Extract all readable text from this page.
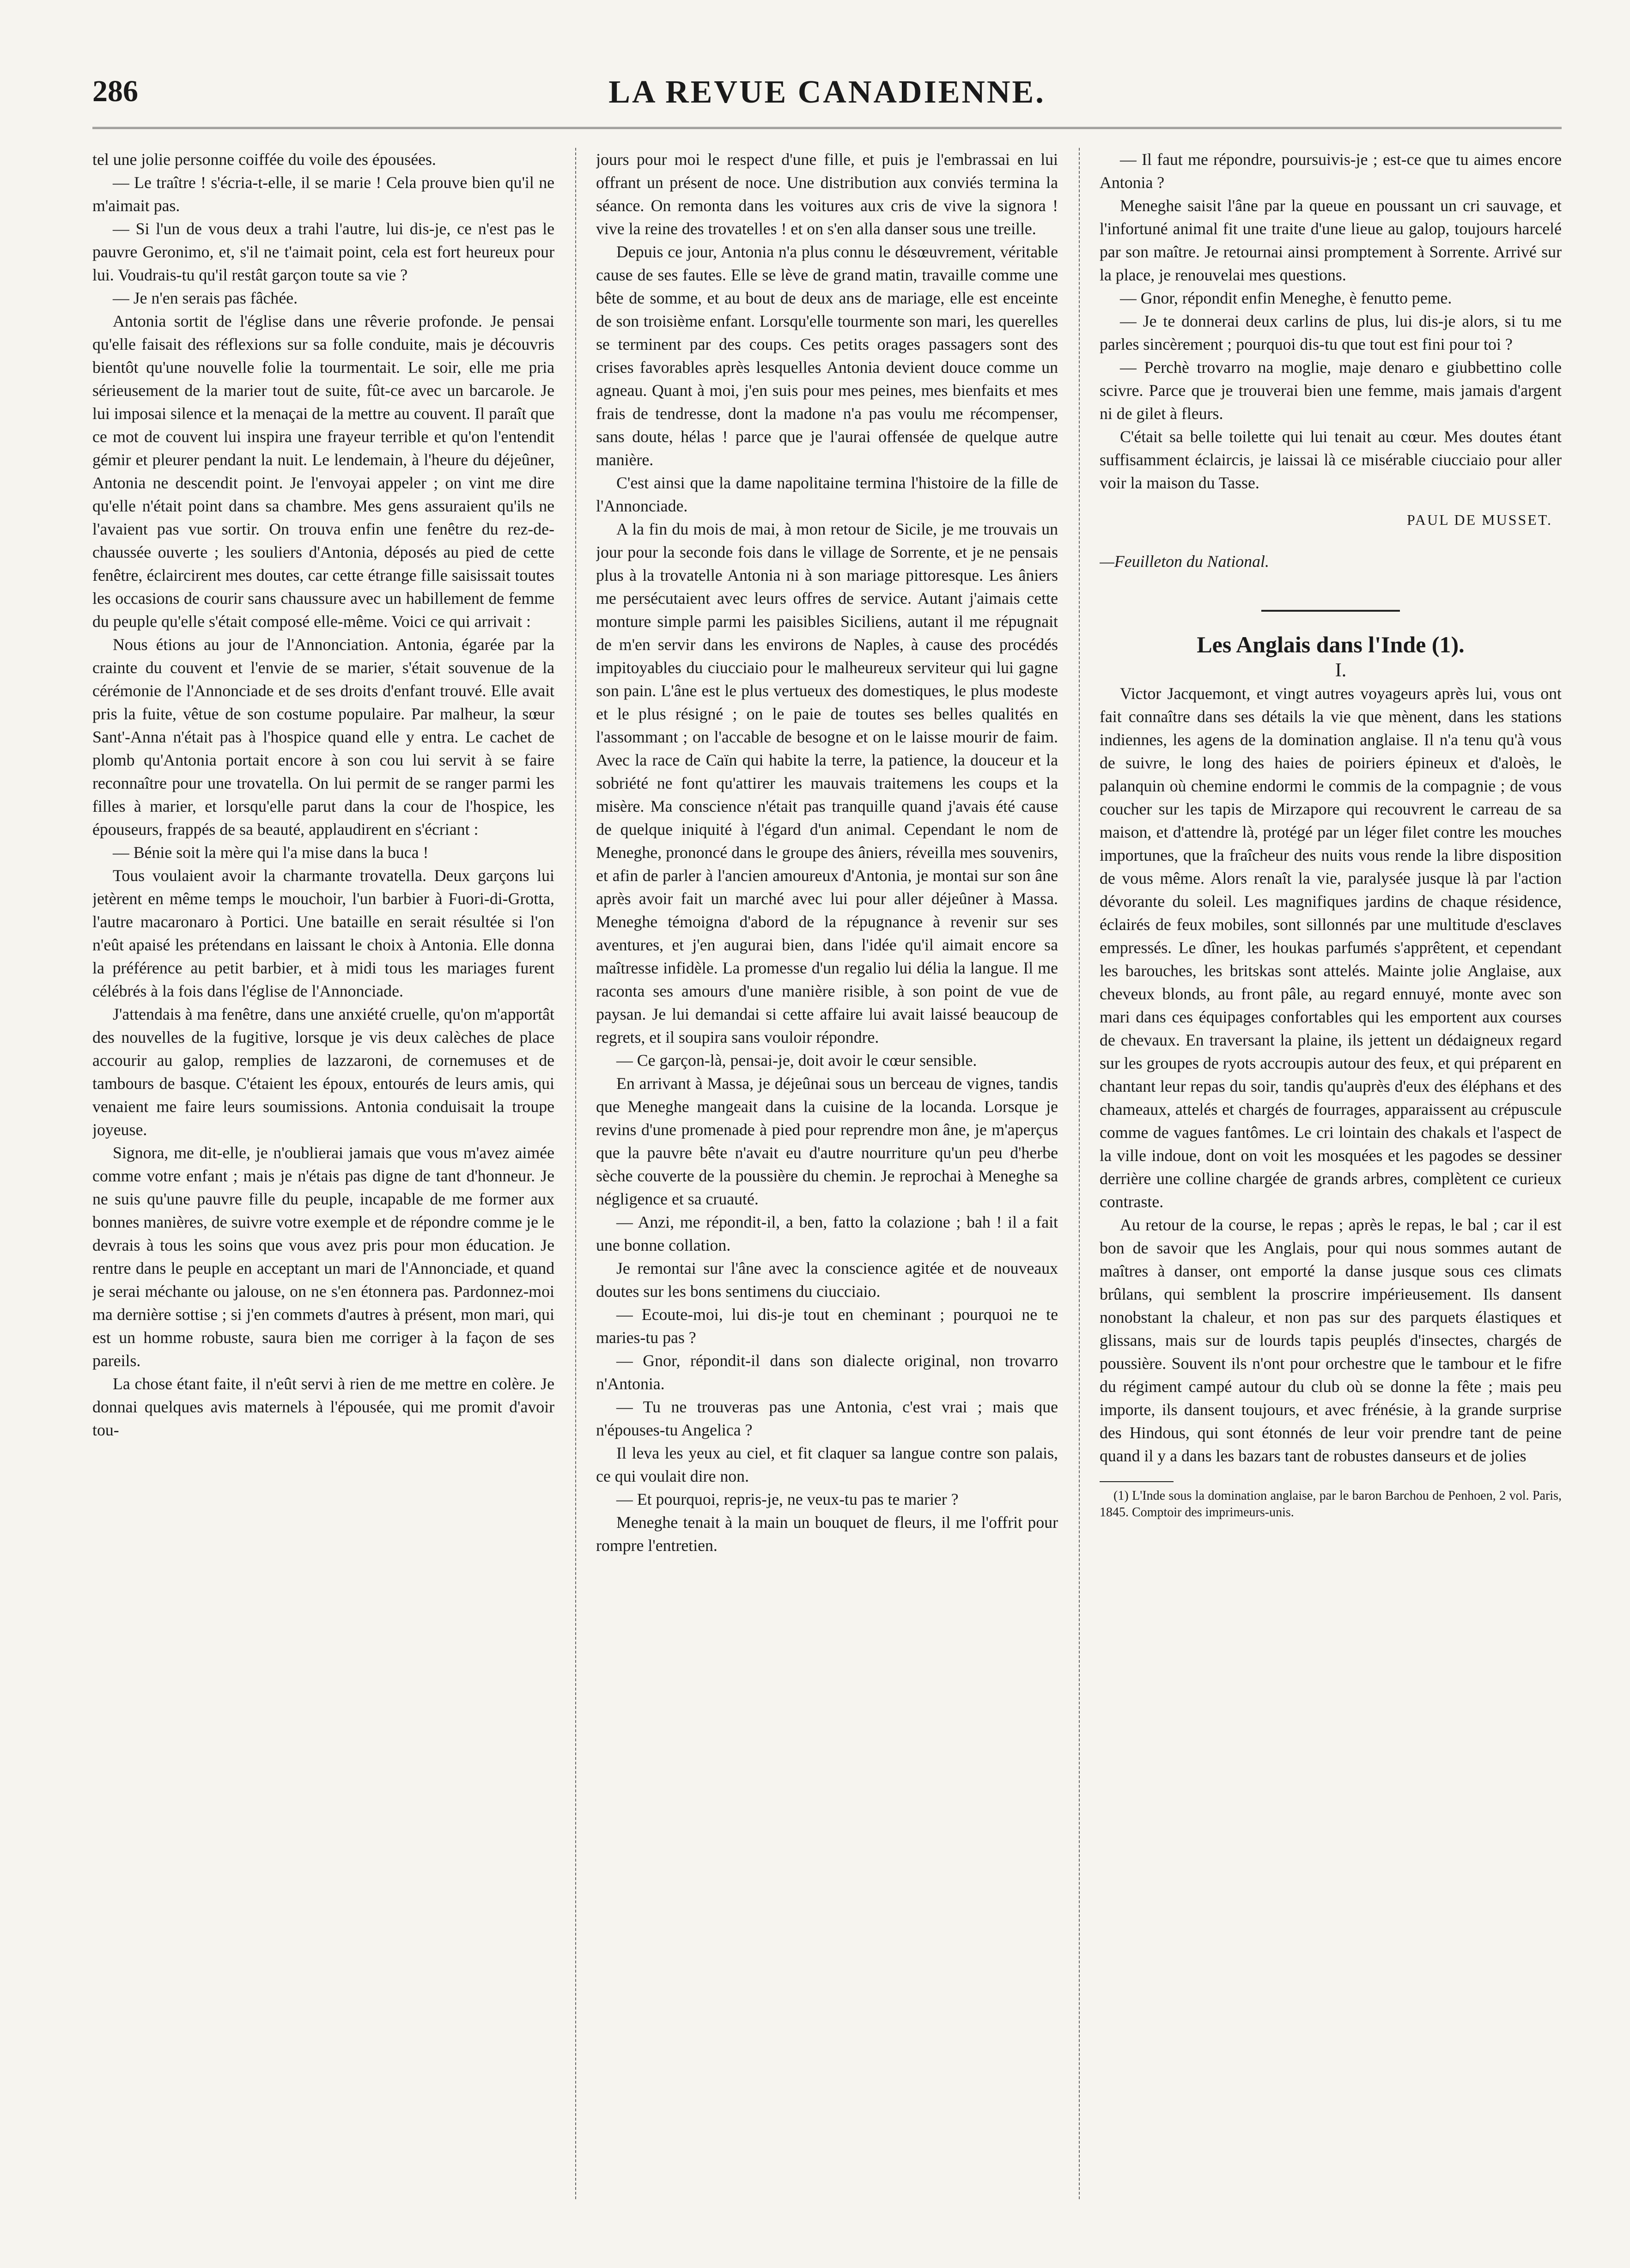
286	LA REVUE CANADIENNE.

tel une jolie personne coiffée du voile des épousées.

— Le traître ! s'écria-t-elle, il se marie ! Cela prouve bien qu'il ne m'aimait pas.

— Si l'un de vous deux a trahi l'autre, lui dis-je, ce n'est pas le pauvre Geronimo, et, s'il ne t'aimait point, cela est fort heureux pour lui. Voudrais-tu qu'il restât garçon toute sa vie ?

— Je n'en serais pas fâchée.

Antonia sortit de l'église dans une rêverie profonde. Je pensai qu'elle faisait des réflexions sur sa folle conduite, mais je découvris bientôt qu'une nouvelle folie la tourmentait. Le soir, elle me pria sérieusement de la marier tout de suite, fût-ce avec un barcarole. Je lui imposai silence et la menaçai de la mettre au couvent. Il paraît que ce mot de couvent lui inspira une frayeur terrible et qu'on l'entendit gémir et pleurer pendant la nuit. Le lendemain, à l'heure du déjeûner, Antonia ne descendit point. Je l'envoyai appeler ; on vint me dire qu'elle n'était point dans sa chambre. Mes gens assuraient qu'ils ne l'avaient pas vue sortir. On trouva enfin une fenêtre du rez-de-chaussée ouverte ; les souliers d'Antonia, déposés au pied de cette fenêtre, éclaircirent mes doutes, car cette étrange fille saisissait toutes les occasions de courir sans chaussure avec un habillement de femme du peuple qu'elle s'était composé elle-même. Voici ce qui arrivait :

Nous étions au jour de l'Annonciation. Antonia, égarée par la crainte du couvent et l'envie de se marier, s'était souvenue de la cérémonie de l'Annonciade et de ses droits d'enfant trouvé. Elle avait pris la fuite, vêtue de son costume populaire. Par malheur, la sœur Sant'-Anna n'était pas à l'hospice quand elle y entra. Le cachet de plomb qu'Antonia portait encore à son cou lui servit à se faire reconnaître pour une trovatella. On lui permit de se ranger parmi les filles à marier, et lorsqu'elle parut dans la cour de l'hospice, les épouseurs, frappés de sa beauté, applaudirent en s'écriant :

— Bénie soit la mère qui l'a mise dans la buca !

Tous voulaient avoir la charmante trovatella. Deux garçons lui jetèrent en même temps le mouchoir, l'un barbier à Fuori-di-Grotta, l'autre macaronaro à Portici. Une bataille en serait résultée si l'on n'eût apaisé les prétendans en laissant le choix à Antonia. Elle donna la préférence au petit barbier, et à midi tous les mariages furent célébrés à la fois dans l'église de l'Annonciade.

J'attendais à ma fenêtre, dans une anxiété cruelle, qu'on m'apportât des nouvelles de la fugitive, lorsque je vis deux calèches de place accourir au galop, remplies de lazzaroni, de cornemuses et de tambours de basque. C'étaient les époux, entourés de leurs amis, qui venaient me faire leurs soumissions. Antonia conduisait la troupe joyeuse.

Signora, me dit-elle, je n'oublierai jamais que vous m'avez aimée comme votre enfant ; mais je n'étais pas digne de tant d'honneur. Je ne suis qu'une pauvre fille du peuple, incapable de me former aux bonnes manières, de suivre votre exemple et de répondre comme je le devrais à tous les soins que vous avez pris pour mon éducation. Je rentre dans le peuple en acceptant un mari de l'Annonciade, et quand je serai méchante ou jalouse, on ne s'en étonnera pas. Pardonnez-moi ma dernière sottise ; si j'en commets d'autres à présent, mon mari, qui est un homme robuste, saura bien me corriger à la façon de ses pareils.

La chose étant faite, il n'eût servi à rien de me mettre en colère. Je donnai quelques avis maternels à l'épousée, qui me promit d'avoir tou-

jours pour moi le respect d'une fille, et puis je l'embrassai en lui offrant un présent de noce. Une distribution aux conviés termina la séance. On remonta dans les voitures aux cris de vive la signora ! vive la reine des trovatelles ! et on s'en alla danser sous une treille.

Depuis ce jour, Antonia n'a plus connu le désœuvrement, véritable cause de ses fautes. Elle se lève de grand matin, travaille comme une bête de somme, et au bout de deux ans de mariage, elle est enceinte de son troisième enfant. Lorsqu'elle tourmente son mari, les querelles se terminent par des coups. Ces petits orages passagers sont des crises favorables après lesquelles Antonia devient douce comme un agneau. Quant à moi, j'en suis pour mes peines, mes bienfaits et mes frais de tendresse, dont la madone n'a pas voulu me récompenser, sans doute, hélas ! parce que je l'aurai offensée de quelque autre manière.

C'est ainsi que la dame napolitaine termina l'histoire de la fille de l'Annonciade.

A la fin du mois de mai, à mon retour de Sicile, je me trouvais un jour pour la seconde fois dans le village de Sorrente, et je ne pensais plus à la trovatelle Antonia ni à son mariage pittoresque. Les âniers me persécutaient avec leurs offres de service. Autant j'aimais cette monture simple parmi les paisibles Siciliens, autant il me répugnait de m'en servir dans les environs de Naples, à cause des procédés impitoyables du ciucciaio pour le malheureux serviteur qui lui gagne son pain. L'âne est le plus vertueux des domestiques, le plus modeste et le plus résigné ; on le paie de toutes ses belles qualités en l'assommant ; on l'accable de besogne et on le laisse mourir de faim. Avec la race de Caïn qui habite la terre, la patience, la douceur et la sobriété ne font qu'attirer les mauvais traitemens les coups et la misère. Ma conscience n'était pas tranquille quand j'avais été cause de quelque iniquité à l'égard d'un animal. Cependant le nom de Meneghe, prononcé dans le groupe des âniers, réveilla mes souvenirs, et afin de parler à l'ancien amoureux d'Antonia, je montai sur son âne après avoir fait un marché avec lui pour aller déjeûner à Massa. Meneghe témoigna d'abord de la répugnance à revenir sur ses aventures, et j'en augurai bien, dans l'idée qu'il aimait encore sa maîtresse infidèle. La promesse d'un regalio lui délia la langue. Il me raconta ses amours d'une manière risible, à son point de vue de paysan. Je lui demandai si cette affaire lui avait laissé beaucoup de regrets, et il soupira sans vouloir répondre.

— Ce garçon-là, pensai-je, doit avoir le cœur sensible.

En arrivant à Massa, je déjeûnai sous un berceau de vignes, tandis que Meneghe mangeait dans la cuisine de la locanda. Lorsque je revins d'une promenade à pied pour reprendre mon âne, je m'aperçus que la pauvre bête n'avait eu d'autre nourriture qu'un peu d'herbe sèche couverte de la poussière du chemin. Je reprochai à Meneghe sa négligence et sa cruauté.

— Anzi, me répondit-il, a ben, fatto la colazione ; bah ! il a fait une bonne collation.

Je remontai sur l'âne avec la conscience agitée et de nouveaux doutes sur les bons sentimens du ciucciaio.

— Ecoute-moi, lui dis-je tout en cheminant ; pourquoi ne te maries-tu pas ?

— Gnor, répondit-il dans son dialecte original, non trovarro n'Antonia.

— Tu ne trouveras pas une Antonia, c'est vrai ; mais que n'épouses-tu Angelica ?

Il leva les yeux au ciel, et fit claquer sa langue contre son palais, ce qui voulait dire non.

— Et pourquoi, repris-je, ne veux-tu pas te marier ?

Meneghe tenait à la main un bouquet de fleurs, il me l'offrit pour rompre l'entretien.

— Il faut me répondre, poursuivis-je ; est-ce que tu aimes encore Antonia ?

Meneghe saisit l'âne par la queue en poussant un cri sauvage, et l'infortuné animal fit une traite d'une lieue au galop, toujours harcelé par son maître. Je retournai ainsi promptement à Sorrente. Arrivé sur la place, je renouvelai mes questions.

— Gnor, répondit enfin Meneghe, è fenutto peme.

— Je te donnerai deux carlins de plus, lui dis-je alors, si tu me parles sincèrement ; pourquoi dis-tu que tout est fini pour toi ?

— Perchè trovarro na moglie, maje denaro e giubbettino colle scivre. Parce que je trouverai bien une femme, mais jamais d'argent ni de gilet à fleurs.

C'était sa belle toilette qui lui tenait au cœur. Mes doutes étant suffisamment éclaircis, je laissai là ce misérable ciucciaio pour aller voir la maison du Tasse.

PAUL DE MUSSET.

—Feuilleton du National.

Les Anglais dans l'Inde (1).

I.

Victor Jacquemont, et vingt autres voyageurs après lui, vous ont fait connaître dans ses détails la vie que mènent, dans les stations indiennes, les agens de la domination anglaise. Il n'a tenu qu'à vous de suivre, le long des haies de poiriers épineux et d'aloès, le palanquin où chemine endormi le commis de la compagnie ; de vous coucher sur les tapis de Mirzapore qui recouvrent le carreau de sa maison, et d'attendre là, protégé par un léger filet contre les mouches importunes, que la fraîcheur des nuits vous rende la libre disposition de vous même. Alors renaît la vie, paralysée jusque là par l'action dévorante du soleil. Les magnifiques jardins de chaque résidence, éclairés de feux mobiles, sont sillonnés par une multitude d'esclaves empressés. Le dîner, les houkas parfumés s'apprêtent, et cependant les barouches, les britskas sont attelés. Mainte jolie Anglaise, aux cheveux blonds, au front pâle, au regard ennuyé, monte avec son mari dans ces équipages confortables qui les emportent aux courses de chevaux. En traversant la plaine, ils jettent un dédaigneux regard sur les groupes de ryots accroupis autour des feux, et qui préparent en chantant leur repas du soir, tandis qu'auprès d'eux des éléphans et des chameaux, attelés et chargés de fourrages, apparaissent au crépuscule comme de vagues fantômes. Le cri lointain des chakals et l'aspect de la ville indoue, dont on voit les mosquées et les pagodes se dessiner derrière une colline chargée de grands arbres, complètent ce curieux contraste.

Au retour de la course, le repas ; après le repas, le bal ; car il est bon de savoir que les Anglais, pour qui nous sommes autant de maîtres à danser, ont emporté la danse jusque sous ces climats brûlans, qui semblent la proscrire impérieusement. Ils dansent nonobstant la chaleur, et non pas sur des parquets élastiques et glissans, mais sur de lourds tapis peuplés d'insectes, chargés de poussière. Souvent ils n'ont pour orchestre que le tambour et le fifre du régiment campé autour du club où se donne la fête ; mais peu importe, ils dansent toujours, et avec frénésie, à la grande surprise des Hindous, qui sont étonnés de leur voir prendre tant de peine quand il y a dans les bazars tant de robustes danseurs et de jolies

(1) L'Inde sous la domination anglaise, par le baron Barchou de Penhoen, 2 vol. Paris, 1845. Comptoir des imprimeurs-unis.
